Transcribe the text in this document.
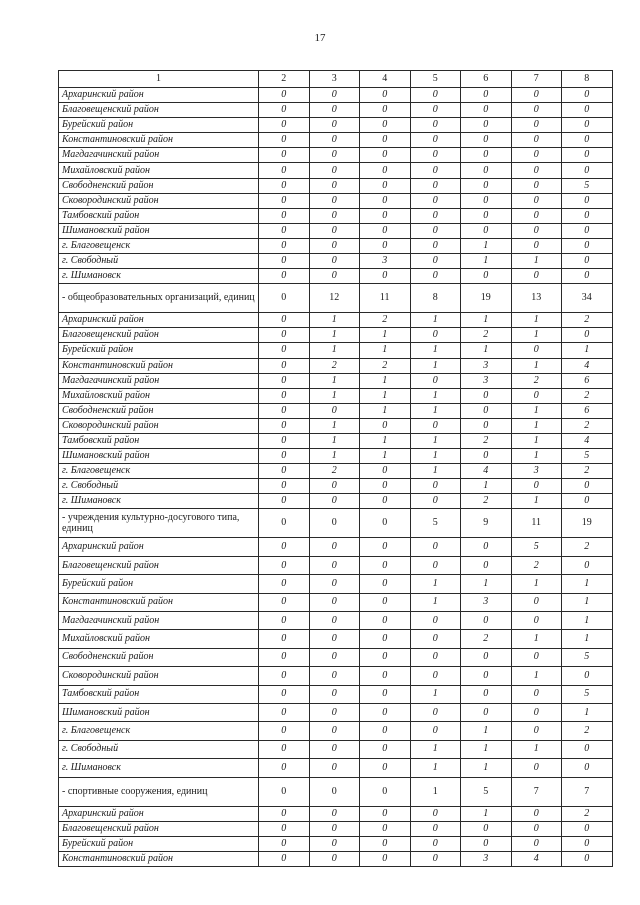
17
1	2	3	4	5	6	7	8
Архаринский район	0	0	0	0	0	0	0
Благовещенский район	0	0	0	0	0	0	0
Бурейский район	0	0	0	0	0	0	0
Константиновский район	0	0	0	0	0	0	0
Магдагачинский район	0	0	0	0	0	0	0
Михайловский район	0	0	0	0	0	0	0
Свободненский район	0	0	0	0	0	0	5
Сковородинский район	0	0	0	0	0	0	0
Тамбовский район	0	0	0	0	0	0	0
Шимановский район	0	0	0	0	0	0	0
г. Благовещенск	0	0	0	0	1	0	0
г. Свободный	0	0	3	0	1	1	0
г. Шимановск	0	0	0	0	0	0	0
- общеобразовательных организаций, единиц	0	12	11	8	19	13	34
Архаринский район	0	1	2	1	1	1	2
Благовещенский район	0	1	1	0	2	1	0
Бурейский район	0	1	1	1	1	0	1
Константиновский район	0	2	2	1	3	1	4
Магдагачинский район	0	1	1	0	3	2	6
Михайловский район	0	1	1	1	0	0	2
Свободненский район	0	0	1	1	0	1	6
Сковородинский район	0	1	0	0	0	1	2
Тамбовский район	0	1	1	1	2	1	4
Шимановский район	0	1	1	1	0	1	5
г. Благовещенск	0	2	0	1	4	3	2
г. Свободный	0	0	0	0	1	0	0
г. Шимановск	0	0	0	0	2	1	0
- учреждения культурно-досугового типа, единиц	0	0	0	5	9	11	19
Архаринский район	0	0	0	0	0	5	2
Благовещенский район	0	0	0	0	0	2	0
Бурейский район	0	0	0	1	1	1	1
Константиновский район	0	0	0	1	3	0	1
Магдагачинский район	0	0	0	0	0	0	1
Михайловский район	0	0	0	0	2	1	1
Свободненский район	0	0	0	0	0	0	5
Сковородинский район	0	0	0	0	0	1	0
Тамбовский район	0	0	0	1	0	0	5
Шимановский район	0	0	0	0	0	0	1
г. Благовещенск	0	0	0	0	1	0	2
г. Свободный	0	0	0	1	1	1	0
г. Шимановск	0	0	0	1	1	0	0
- спортивные сооружения, единиц	0	0	0	1	5	7	7
Архаринский район	0	0	0	0	1	0	2
Благовещенский район	0	0	0	0	0	0	0
Бурейский район	0	0	0	0	0	0	0
Константиновский район	0	0	0	0	3	4	0
